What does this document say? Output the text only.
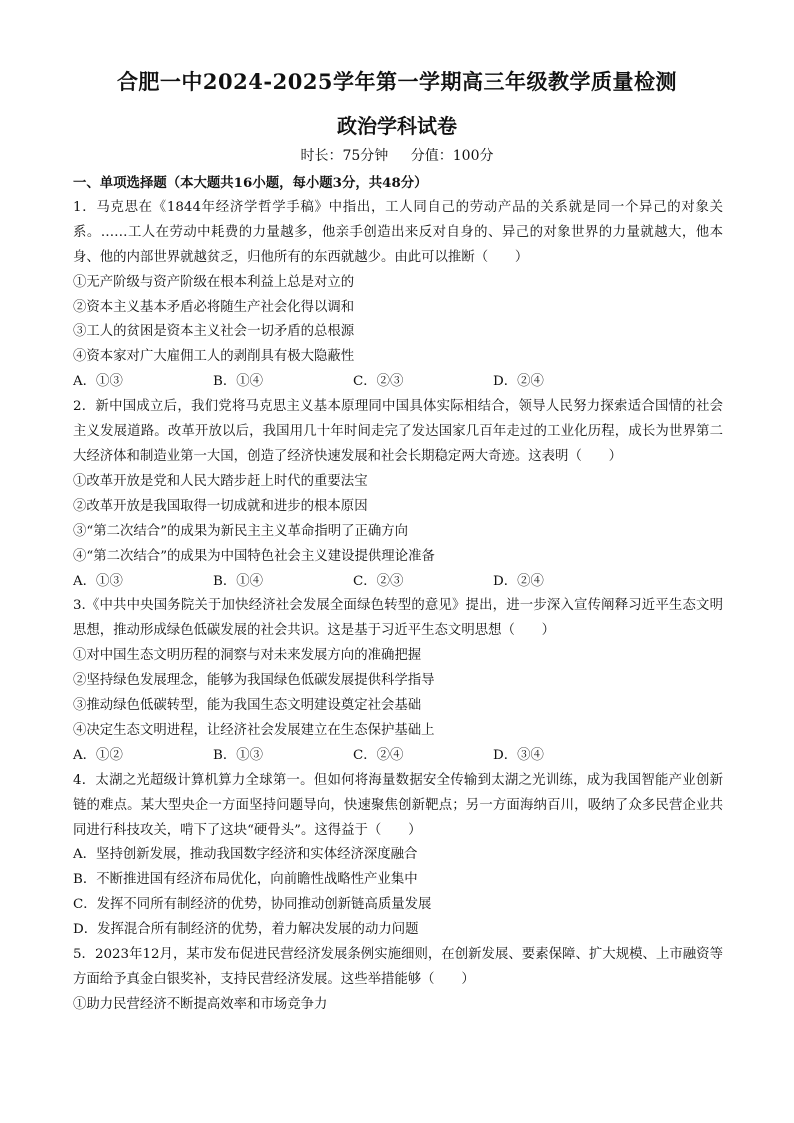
合肥一中2024-2025学年第一学期高三年级教学质量检测
政治学科试卷
时长：75分钟 分值：100分
一、单项选择题（本大题共16小题，每小题3分，共48分）

1．马克思在《1844年经济学哲学手稿》中指出，工人同自己的劳动产品的关系就是同一个异己的对象关系。……工人在劳动中耗费的力量越多，他亲手创造出来反对自身的、异己的对象世界的力量就越大，他本身、他的内部世界就越贫乏，归他所有的东西就越少。由此可以推断（　　）

①无产阶级与资产阶级在根本利益上总是对立的

②资本主义基本矛盾必将随生产社会化得以调和

③工人的贫困是资本主义社会一切矛盾的总根源

④资本家对广大雇佣工人的剥削具有极大隐蔽性

A．①③	B．①④	C．②③	D．②④

2．新中国成立后，我们党将马克思主义基本原理同中国具体实际相结合，领导人民努力探索适合国情的社会主义发展道路。改革开放以后，我国用几十年时间走完了发达国家几百年走过的工业化历程，成长为世界第二大经济体和制造业第一大国，创造了经济快速发展和社会长期稳定两大奇迹。这表明（　　）

①改革开放是党和人民大踏步赶上时代的重要法宝

②改革开放是我国取得一切成就和进步的根本原因

③“第二次结合”的成果为新民主主义革命指明了正确方向

④“第二次结合”的成果为中国特色社会主义建设提供理论准备

A．①③	B．①④	C．②③	D．②④

3.《中共中央国务院关于加快经济社会发展全面绿色转型的意见》提出，进一步深入宣传阐释习近平生态文明思想，推动形成绿色低碳发展的社会共识。这是基于习近平生态文明思想（　　）

①对中国生态文明历程的洞察与对未来发展方向的准确把握

②坚持绿色发展理念，能够为我国绿色低碳发展提供科学指导

③推动绿色低碳转型，能为我国生态文明建设奠定社会基础

④决定生态文明进程，让经济社会发展建立在生态保护基础上

A．①②	B．①③	C．②④	D．③④

4．太湖之光超级计算机算力全球第一。但如何将海量数据安全传输到太湖之光训练，成为我国智能产业创新链的难点。某大型央企一方面坚持问题导向，快速聚焦创新靶点；另一方面海纳百川，吸纳了众多民营企业共同进行科技攻关，啃下了这块“硬骨头”。这得益于（　　）

A．坚持创新发展，推动我国数字经济和实体经济深度融合

B．不断推进国有经济布局优化，向前瞻性战略性产业集中

C．发挥不同所有制经济的优势，协同推动创新链高质量发展

D．发挥混合所有制经济的优势，着力解决发展的动力问题

5．2023年12月，某市发布促进民营经济发展条例实施细则，在创新发展、要素保障、扩大规模、上市融资等方面给予真金白银奖补，支持民营经济发展。这些举措能够（　　）

①助力民营经济不断提高效率和市场竞争力
